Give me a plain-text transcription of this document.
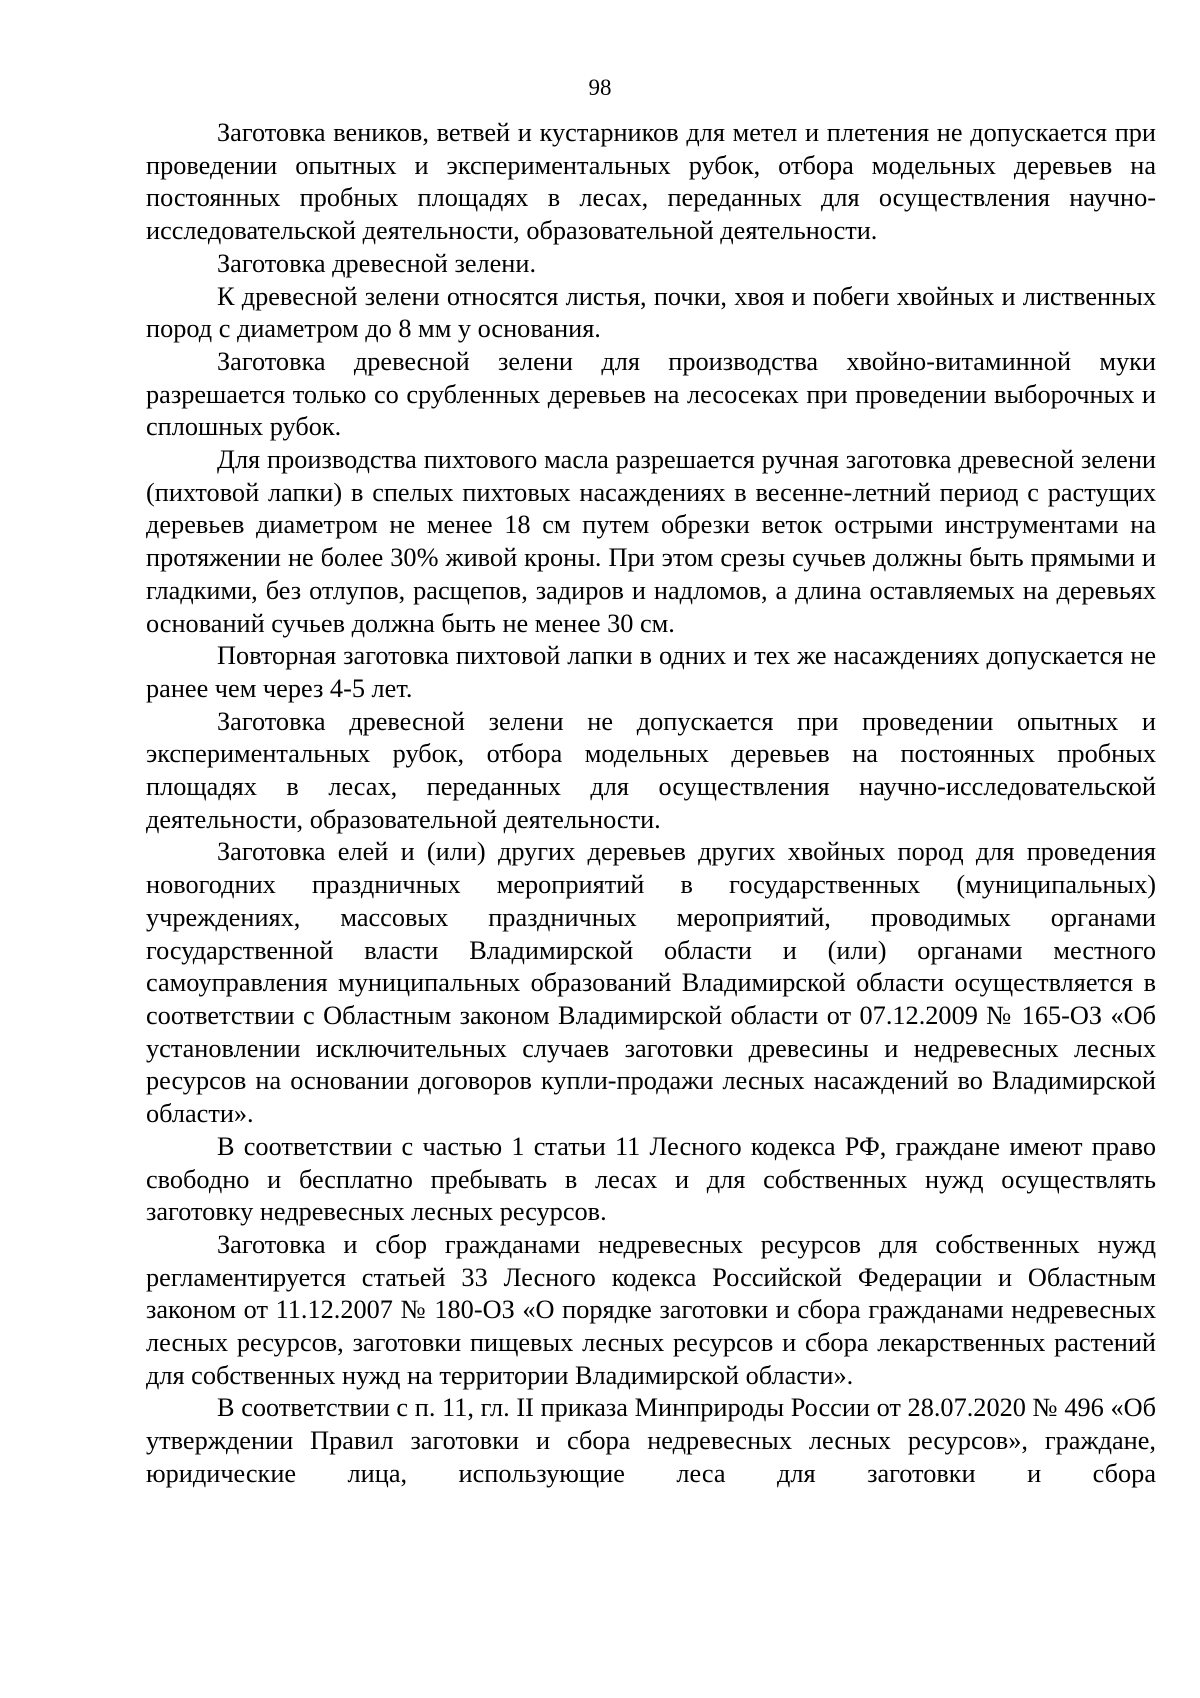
98

Заготовка веников, ветвей и кустарников для метел и плетения не допускается при проведении опытных и экспериментальных рубок, отбора модельных деревьев на постоянных пробных площадях в лесах, переданных для осуществления научно-исследовательской деятельности, образовательной деятельности.

Заготовка древесной зелени.

К древесной зелени относятся листья, почки, хвоя и побеги хвойных и лиственных пород с диаметром до 8 мм у основания.

Заготовка древесной зелени для производства хвойно-витаминной муки разрешается только со срубленных деревьев на лесосеках при проведении выборочных и сплошных рубок.

Для производства пихтового масла разрешается ручная заготовка древесной зелени (пихтовой лапки) в спелых пихтовых насаждениях в весенне-летний период с растущих деревьев диаметром не менее 18 см путем обрезки веток острыми инструментами на протяжении не более 30% живой кроны. При этом срезы сучьев должны быть прямыми и гладкими, без отлупов, расщепов, задиров и надломов, а длина оставляемых на деревьях оснований сучьев должна быть не менее 30 см.

Повторная заготовка пихтовой лапки в одних и тех же насаждениях допускается не ранее чем через 4-5 лет.

Заготовка древесной зелени не допускается при проведении опытных и экспериментальных рубок, отбора модельных деревьев на постоянных пробных площадях в лесах, переданных для осуществления научно-исследовательской деятельности, образовательной деятельности.

Заготовка елей и (или) других деревьев других хвойных пород для проведения новогодних праздничных мероприятий в государственных (муниципальных) учреждениях, массовых праздничных мероприятий, проводимых органами государственной власти Владимирской области и (или) органами местного самоуправления муниципальных образований Владимирской области осуществляется в соответствии с Областным законом Владимирской области от 07.12.2009 № 165-ОЗ «Об установлении исключительных случаев заготовки древесины и недревесных лесных ресурсов на основании договоров купли-продажи лесных насаждений во Владимирской области».

В соответствии с частью 1 статьи 11 Лесного кодекса РФ, граждане имеют право свободно и бесплатно пребывать в лесах и для собственных нужд осуществлять заготовку недревесных лесных ресурсов.

Заготовка и сбор гражданами недревесных ресурсов для собственных нужд регламентируется статьей 33 Лесного кодекса Российской Федерации и Областным законом от 11.12.2007 № 180-ОЗ «О порядке заготовки и сбора гражданами недревесных лесных ресурсов, заготовки пищевых лесных ресурсов и сбора лекарственных растений для собственных нужд на территории Владимирской области».

В соответствии с п. 11, гл. II приказа Минприроды России от 28.07.2020 № 496 «Об утверждении Правил заготовки и сбора недревесных лесных ресурсов», граждане, юридические лица, использующие леса для заготовки и сбора
